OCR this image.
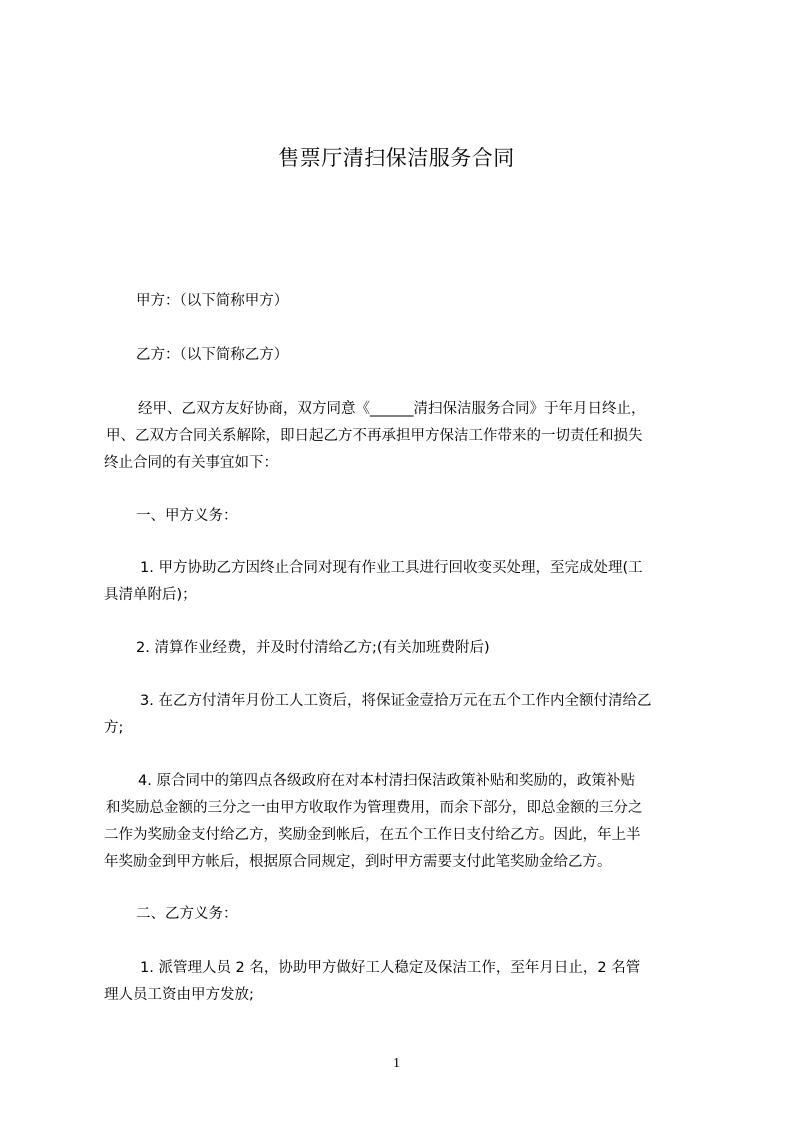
售票厅清扫保洁服务合同
甲方：（以下简称甲方）
乙方：（以下简称乙方）
经甲、乙双方友好协商，双方同意《______清扫保洁服务合同》于年月日终止，
甲、乙双方合同关系解除，即日起乙方不再承担甲方保洁工作带来的一切责任和损失
终止合同的有关事宜如下：
一、甲方义务：
1. 甲方协助乙方因终止合同对现有作业工具进行回收变买处理，至完成处理(工
具清单附后)；
2. 清算作业经费，并及时付清给乙方;(有关加班费附后)
3. 在乙方付清年月份工人工资后，将保证金壹拾万元在五个工作内全额付清给乙
方;
4. 原合同中的第四点各级政府在对本村清扫保洁政策补贴和奖励的，政策补贴
和奖励总金额的三分之一由甲方收取作为管理费用，而余下部分，即总金额的三分之
二作为奖励金支付给乙方，奖励金到帐后，在五个工作日支付给乙方。因此，年上半
年奖励金到甲方帐后，根据原合同规定，到时甲方需要支付此笔奖励金给乙方。
二、乙方义务：
1. 派管理人员 2 名，协助甲方做好工人稳定及保洁工作，至年月日止，2 名管
理人员工资由甲方发放;
1
